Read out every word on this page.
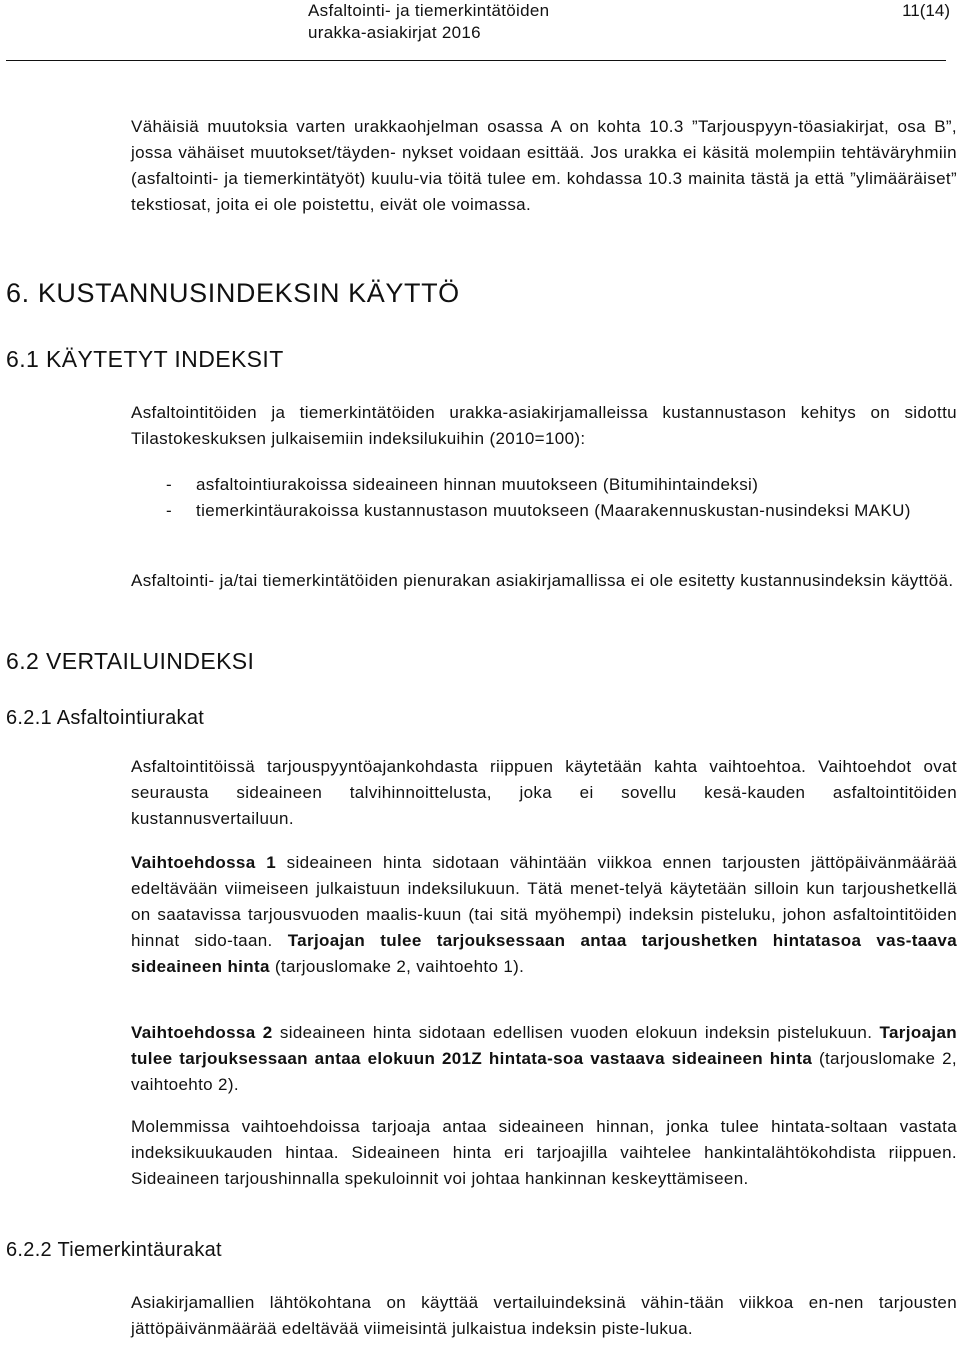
Asfaltointi- ja tiemerkintätöiden
urakka-asiakirjat 2016
11(14)
Vähäisiä muutoksia varten urakkaohjelman osassa A on kohta 10.3 ”Tarjouspyyn-töasiakirjat, osa B”, jossa vähäiset muutokset/täyden- nykset voidaan esittää. Jos urakka ei käsitä molempiin tehtäväryhmiin (asfaltointi- ja tiemerkintätyöt) kuulu-via töitä tulee em. kohdassa 10.3 mainita tästä ja että ”ylimääräiset” tekstiosat, joita ei ole poistettu, eivät ole voimassa.
6. KUSTANNUSINDEKSIN KÄYTTÖ
6.1 KÄYTETYT INDEKSIT
Asfaltointitöiden ja tiemerkintätöiden urakka-asiakirjamalleissa kustannustason kehitys on sidottu Tilastokeskuksen julkaisemiin indeksilukuihin (2010=100):
- asfaltointiurakoissa sideaineen hinnan muutokseen (Bitumihintaindeksi)
- tiemerkintäurakoissa kustannustason muutokseen (Maarakennuskustan-nusindeksi MAKU)
Asfaltointi- ja/tai tiemerkintätöiden pienurakan asiakirjamallissa ei ole esitetty kustannusindeksin käyttöä.
6.2 VERTAILUINDEKSI
6.2.1 Asfaltointiurakat
Asfaltointitöissä tarjouspyyntöajankohdasta riippuen käytetään kahta vaihtoehtoa. Vaihtoehdot ovat seurausta sideaineen talvihinnoittelusta, joka ei sovellu kesä-kauden asfaltointitöiden kustannusvertailuun.
Vaihtoehdossa 1 sideaineen hinta sidotaan vähintään viikkoa ennen tarjousten jättöpäivänmäärää edeltävään viimeiseen julkaistuun indeksilukuun. Tätä menet-telyä käytetään silloin kun tarjoushetkellä on saatavissa tarjousvuoden maalis-kuun (tai sitä myöhempi) indeksin pisteluku, johon asfaltointitöiden hinnat sido-taan. Tarjoajan tulee tarjouksessaan antaa tarjoushetken hintatasoa vas-taava sideaineen hinta (tarjouslomake 2, vaihtoehto 1).
Vaihtoehdossa 2 sideaineen hinta sidotaan edellisen vuoden elokuun indeksin pistelukuun. Tarjoajan tulee tarjouksessaan antaa elokuun 201Z hintata-soa vastaava sideaineen hinta (tarjouslomake 2, vaihtoehto 2).
Molemmissa vaihtoehdoissa tarjoaja antaa sideaineen hinnan, jonka tulee hintata-soltaan vastata indeksikuukauden hintaa. Sideaineen hinta eri tarjoajilla vaihtelee hankintalähtökohdista riippuen. Sideaineen tarjoushinnalla spekuloinnit voi johtaa hankinnan keskeyttämiseen.
6.2.2 Tiemerkintäurakat
Asiakirjamallien lähtökohtana on käyttää vertailuindeksinä vähin-tään viikkoa en-nen tarjousten jättöpäivänmäärää edeltävää viimeisintä julkaistua indeksin piste-lukua.
